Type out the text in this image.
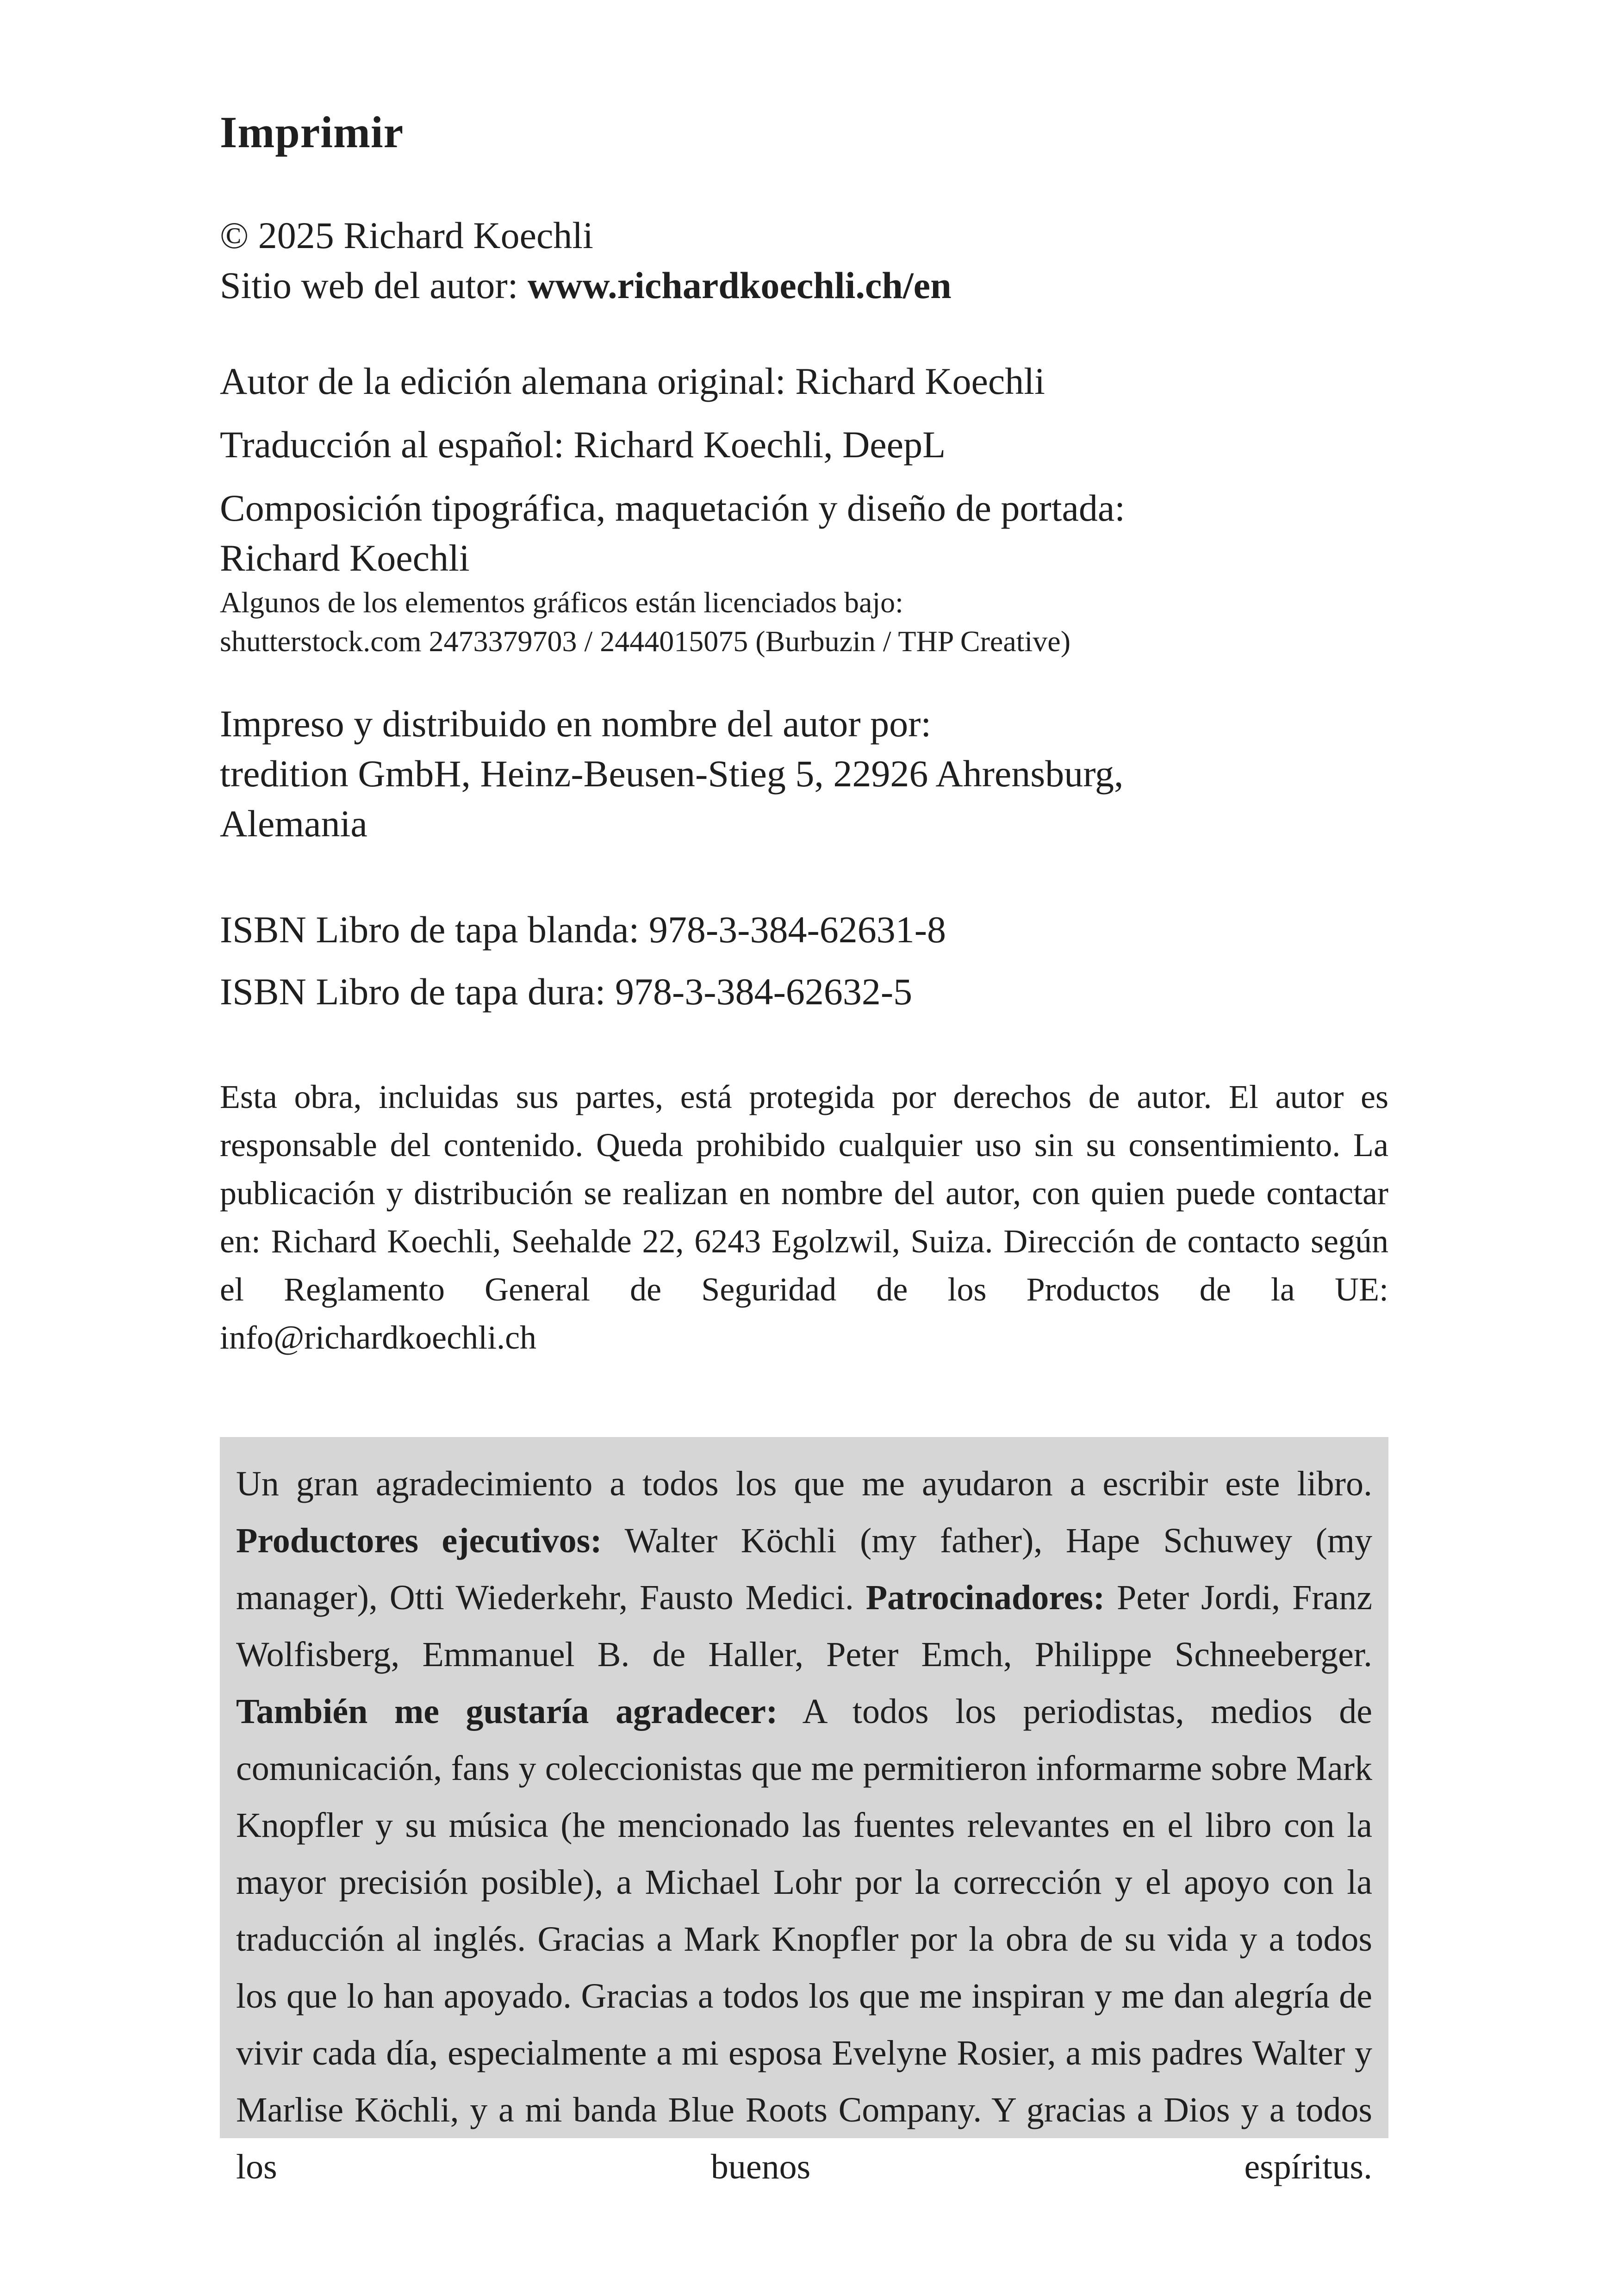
Imprimir
© 2025 Richard Koechli
Sitio web del autor: www.richardkoechli.ch/en
Autor de la edición alemana original: Richard Koechli
Traducción al español: Richard Koechli, DeepL
Composición tipográfica, maquetación y diseño de portada:
Richard Koechli
Algunos de los elementos gráficos están licenciados bajo:
shutterstock.com 2473379703 / 2444015075 (Burbuzin / THP Creative)
Impreso y distribuido en nombre del autor por:
tredition GmbH, Heinz-Beusen-Stieg 5, 22926 Ahrensburg,
Alemania
ISBN Libro de tapa blanda: 978-3-384-62631-8
ISBN Libro de tapa dura: 978-3-384-62632-5
Esta obra, incluidas sus partes, está protegida por derechos de autor. El autor es responsable del contenido. Queda prohibido cualquier uso sin su consentimiento. La publicación y distribución se realizan en nombre del autor, con quien puede contactar en: Richard Koechli, Seehalde 22, 6243 Egolzwil, Suiza. Dirección de contacto según el Reglamento General de Seguridad de los Productos de la UE: info@richardkoechli.ch

Un gran agradecimiento a todos los que me ayudaron a escribir este libro. Productores ejecutivos: Walter Köchli (my father), Hape Schuwey (my manager), Otti Wiederkehr, Fausto Medici. Patrocinadores: Peter Jordi, Franz Wolfisberg, Emmanuel B. de Haller, Peter Emch, Philippe Schneeberger. También me gustaría agradecer: A todos los periodistas, medios de comunicación, fans y coleccionistas que me permitieron informarme sobre Mark Knopfler y su música (he mencionado las fuentes relevantes en el libro con la mayor precisión posible), a Michael Lohr por la corrección y el apoyo con la traducción al inglés. Gracias a Mark Knopfler por la obra de su vida y a todos los que lo han apoyado. Gracias a todos los que me inspiran y me dan alegría de vivir cada día, especialmente a mi esposa Evelyne Rosier, a mis padres Walter y Marlise Köchli, y a mi banda Blue Roots Company. Y gracias a Dios y a todos los buenos espíritus.
